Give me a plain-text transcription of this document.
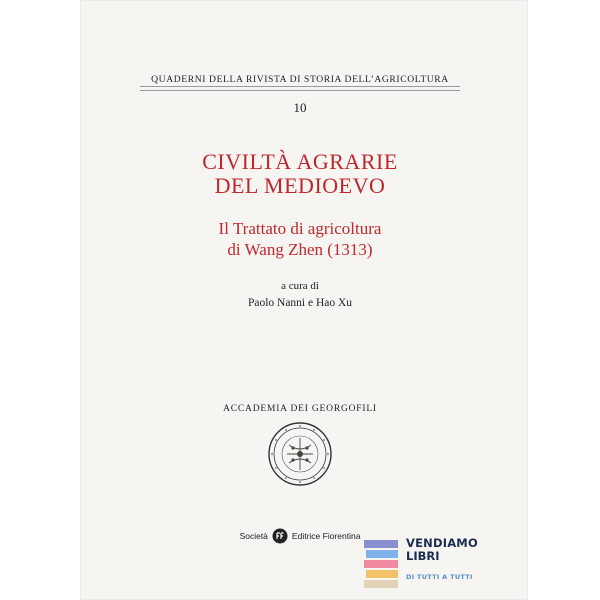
QUADERNI DELLA RIVISTA DI STORIA DELL’AGRICOLTURA
10
CIVILTÀ AGRARIE
DEL MEDIOEVO
Il Trattato di agricoltura
di Wang Zhen (1313)
a cura di
Paolo Nanni e Hao Xu
ACCADEMIA DEI GEORGOFILI
Società	Editrice Fiorentina	VENDIAMO
LIBRI
DI TUTTI A TUTTI
